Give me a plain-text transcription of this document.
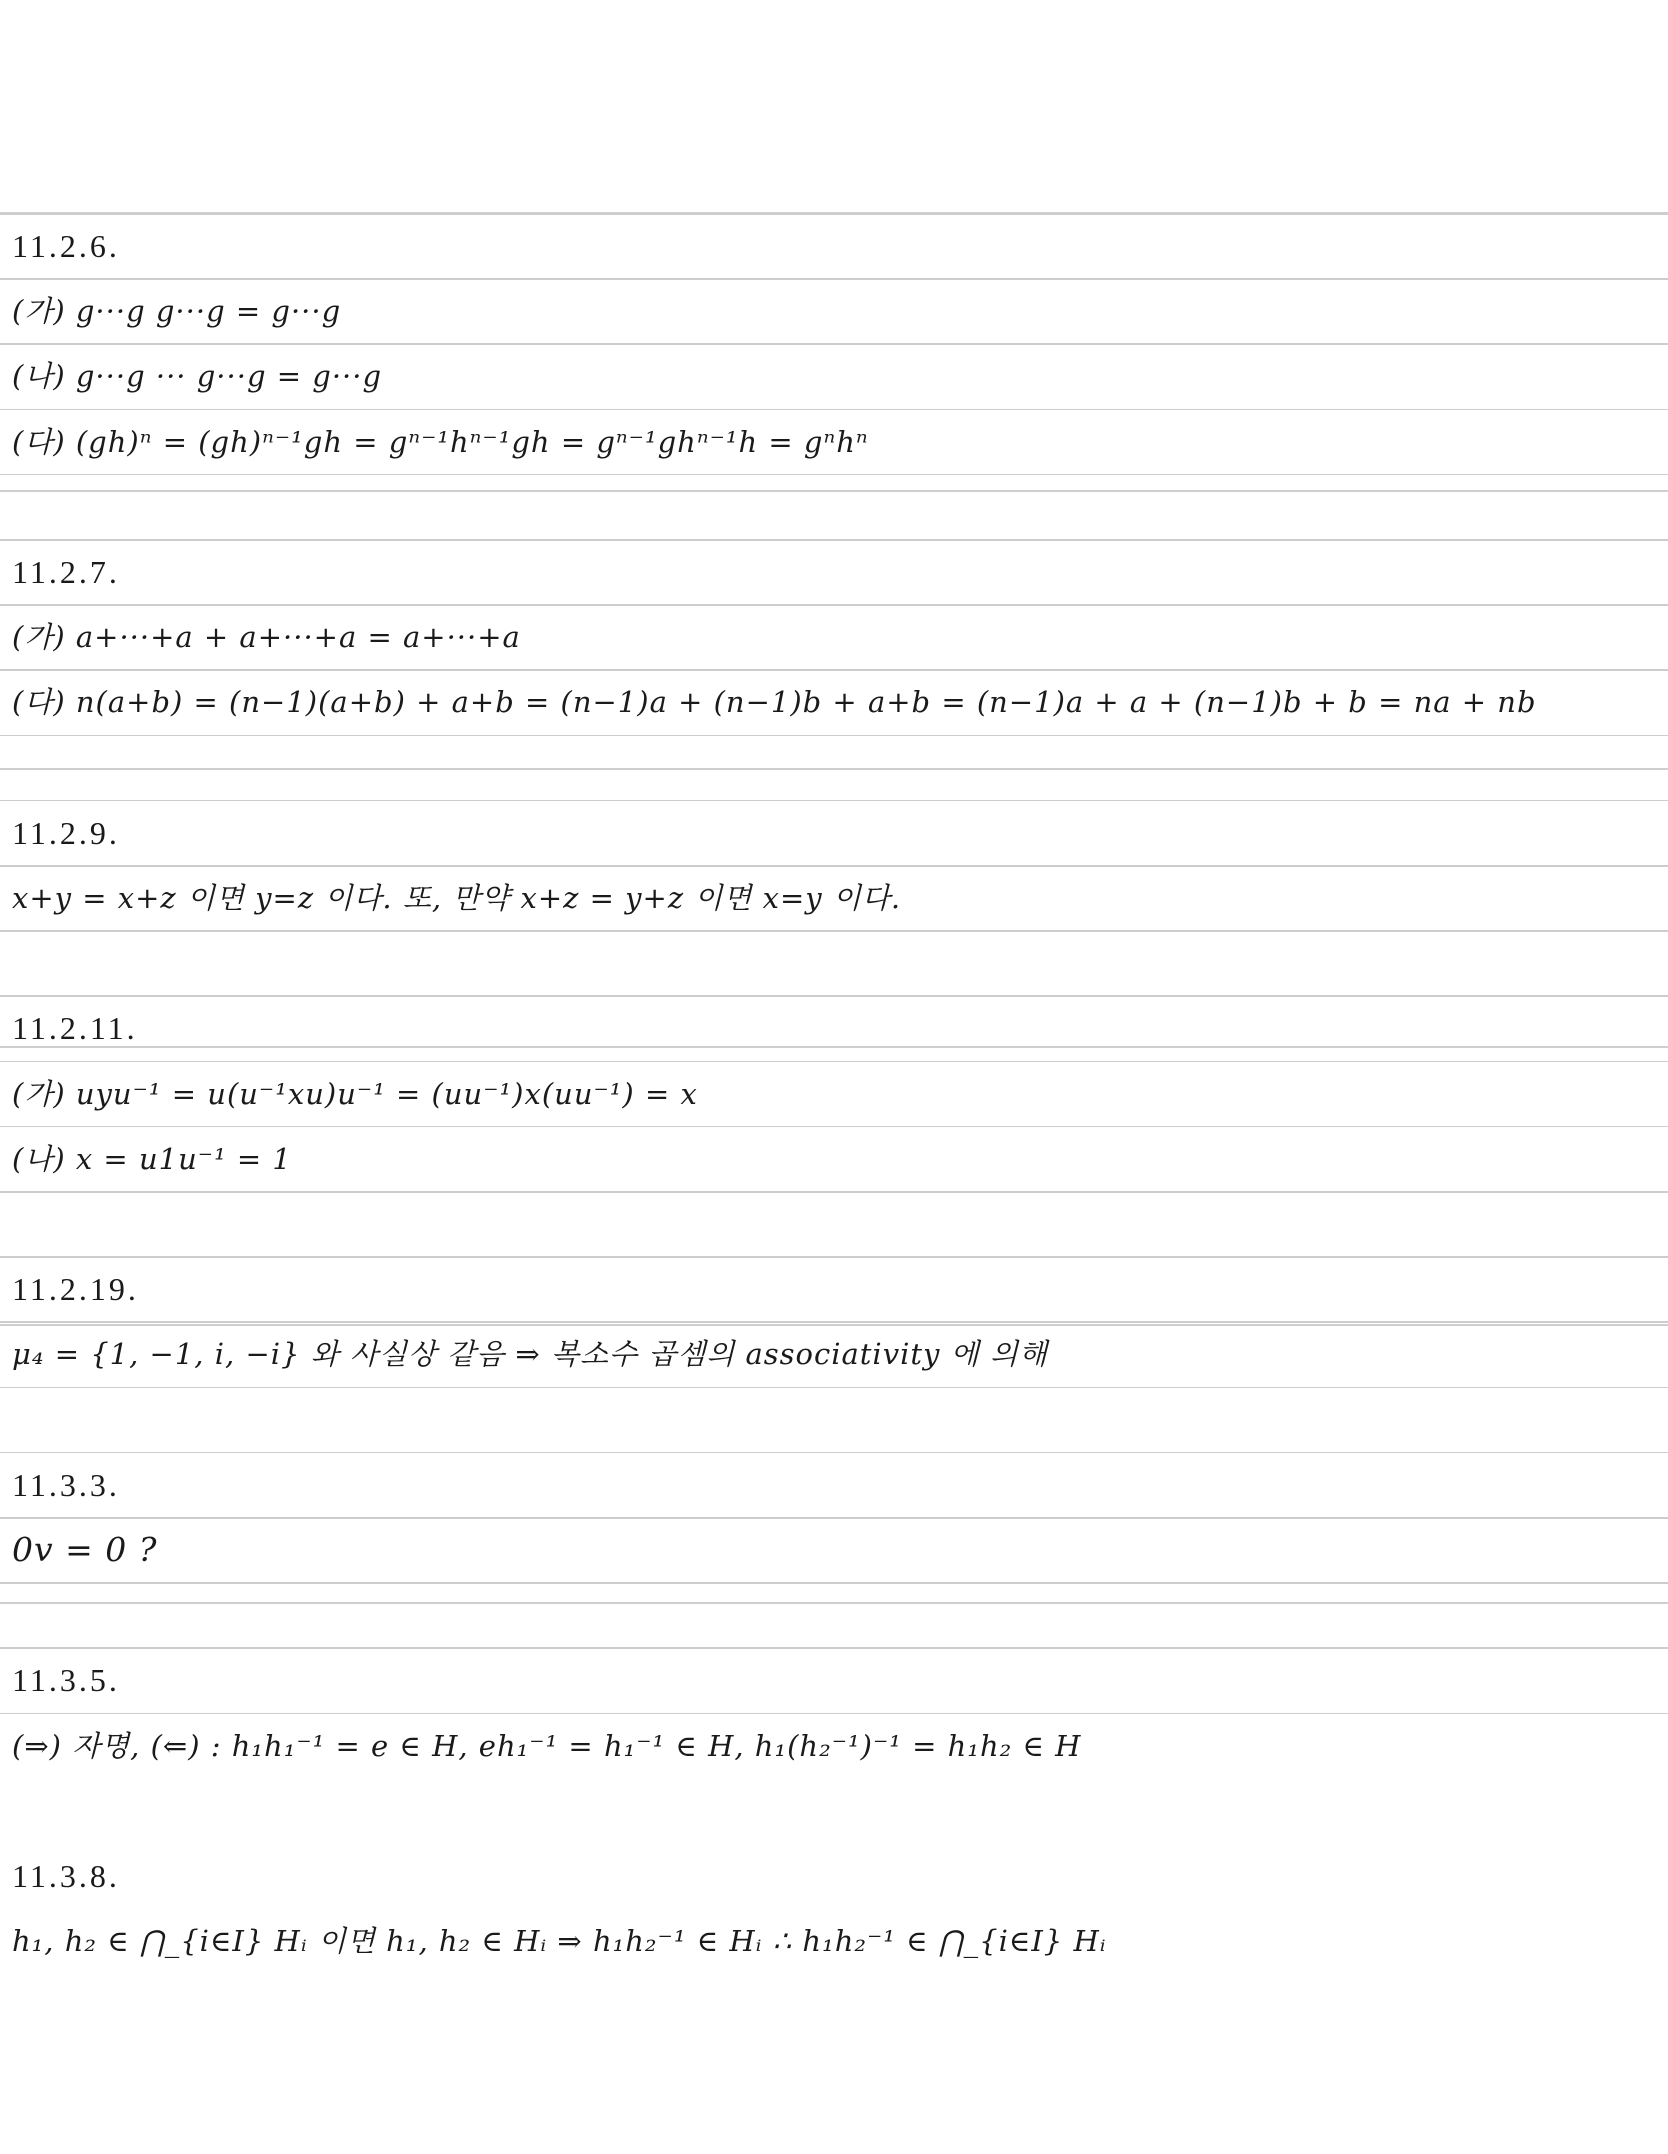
11.2.6.
(가) g···g g···g = g···g
(나) g···g ··· g···g = g···g
(다) (gh)ⁿ = (gh)ⁿ⁻¹gh = gⁿ⁻¹hⁿ⁻¹gh = gⁿ⁻¹ghⁿ⁻¹h = gⁿhⁿ
11.2.7.
(가) a+···+a + a+···+a = a+···+a
(다) n(a+b) = (n−1)(a+b) + a+b = (n−1)a + (n−1)b + a+b = (n−1)a + a + (n−1)b + b = na + nb
11.2.9.
x+y = x+z 이면 y=z 이다. 또, 만약 x+z = y+z 이면 x=y 이다.
11.2.11.
(가) uyu⁻¹ = u(u⁻¹xu)u⁻¹ = (uu⁻¹)x(uu⁻¹) = x
(나) x = u1u⁻¹ = 1
11.2.19.
μ₄ = {1, −1, i, −i} 와 사실상 같음 ⇒ 복소수 곱셈의 associativity 에 의해
11.3.3.
0v = 0 ?
11.3.5.
(⇒) 자명, (⇐) : h₁h₁⁻¹ = e ∈ H, eh₁⁻¹ = h₁⁻¹ ∈ H, h₁(h₂⁻¹)⁻¹ = h₁h₂ ∈ H
11.3.8.
h₁, h₂ ∈ ⋂_{i∈I} Hᵢ 이면 h₁, h₂ ∈ Hᵢ ⇒ h₁h₂⁻¹ ∈ Hᵢ ∴ h₁h₂⁻¹ ∈ ⋂_{i∈I} Hᵢ
